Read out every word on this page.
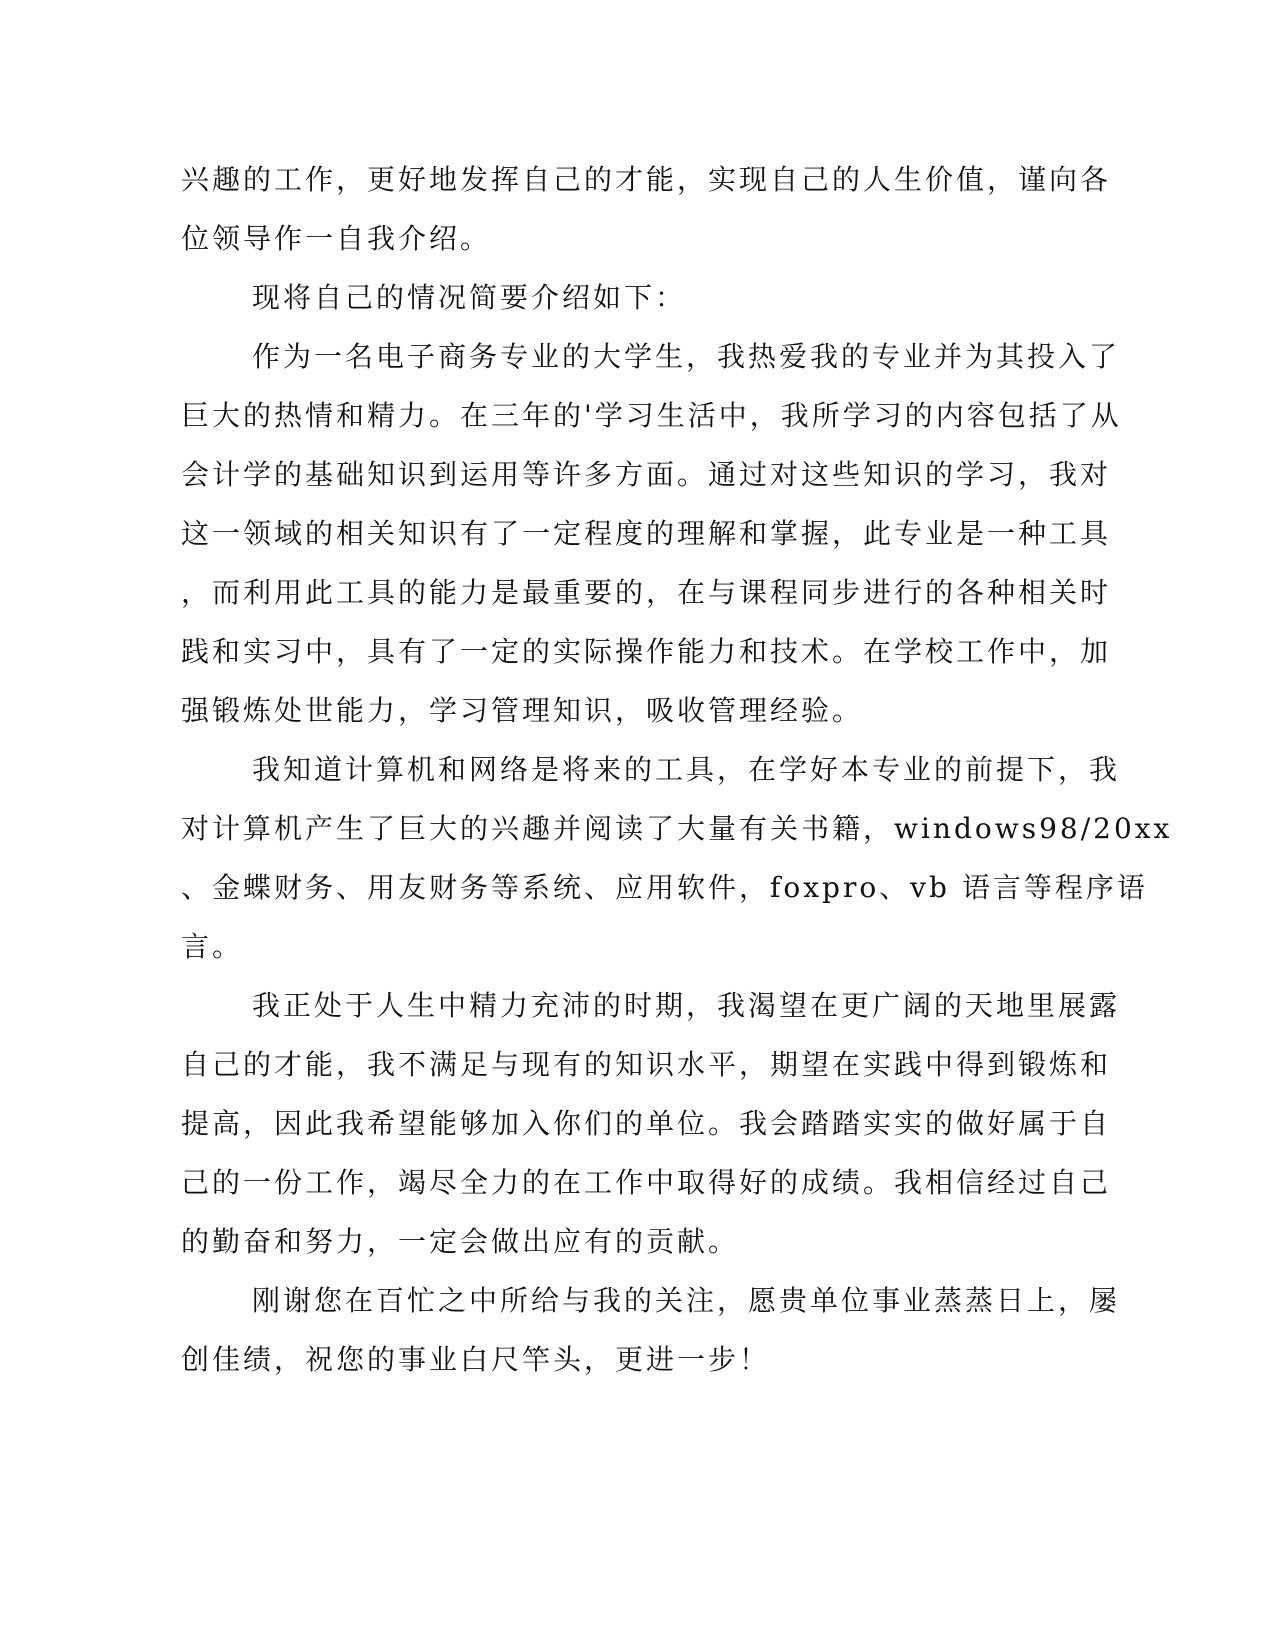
兴趣的工作，更好地发挥自己的才能，实现自己的人生价值，谨向各
位领导作一自我介绍。
现将自己的情况简要介绍如下：
作为一名电子商务专业的大学生，我热爱我的专业并为其投入了
巨大的热情和精力。在三年的'学习生活中，我所学习的内容包括了从
会计学的基础知识到运用等许多方面。通过对这些知识的学习，我对
这一领域的相关知识有了一定程度的理解和掌握，此专业是一种工具
，而利用此工具的能力是最重要的，在与课程同步进行的各种相关时
践和实习中，具有了一定的实际操作能力和技术。在学校工作中，加
强锻炼处世能力，学习管理知识，吸收管理经验。
我知道计算机和网络是将来的工具，在学好本专业的前提下，我
对计算机产生了巨大的兴趣并阅读了大量有关书籍，windows98/20xx
、金蝶财务、用友财务等系统、应用软件，foxpro、vb 语言等程序语
言。
我正处于人生中精力充沛的时期，我渴望在更广阔的天地里展露
自己的才能，我不满足与现有的知识水平，期望在实践中得到锻炼和
提高，因此我希望能够加入你们的单位。我会踏踏实实的做好属于自
己的一份工作，竭尽全力的在工作中取得好的成绩。我相信经过自己
的勤奋和努力，一定会做出应有的贡献。
刚谢您在百忙之中所给与我的关注，愿贵单位事业蒸蒸日上，屡
创佳绩，祝您的事业白尺竿头，更进一步！
